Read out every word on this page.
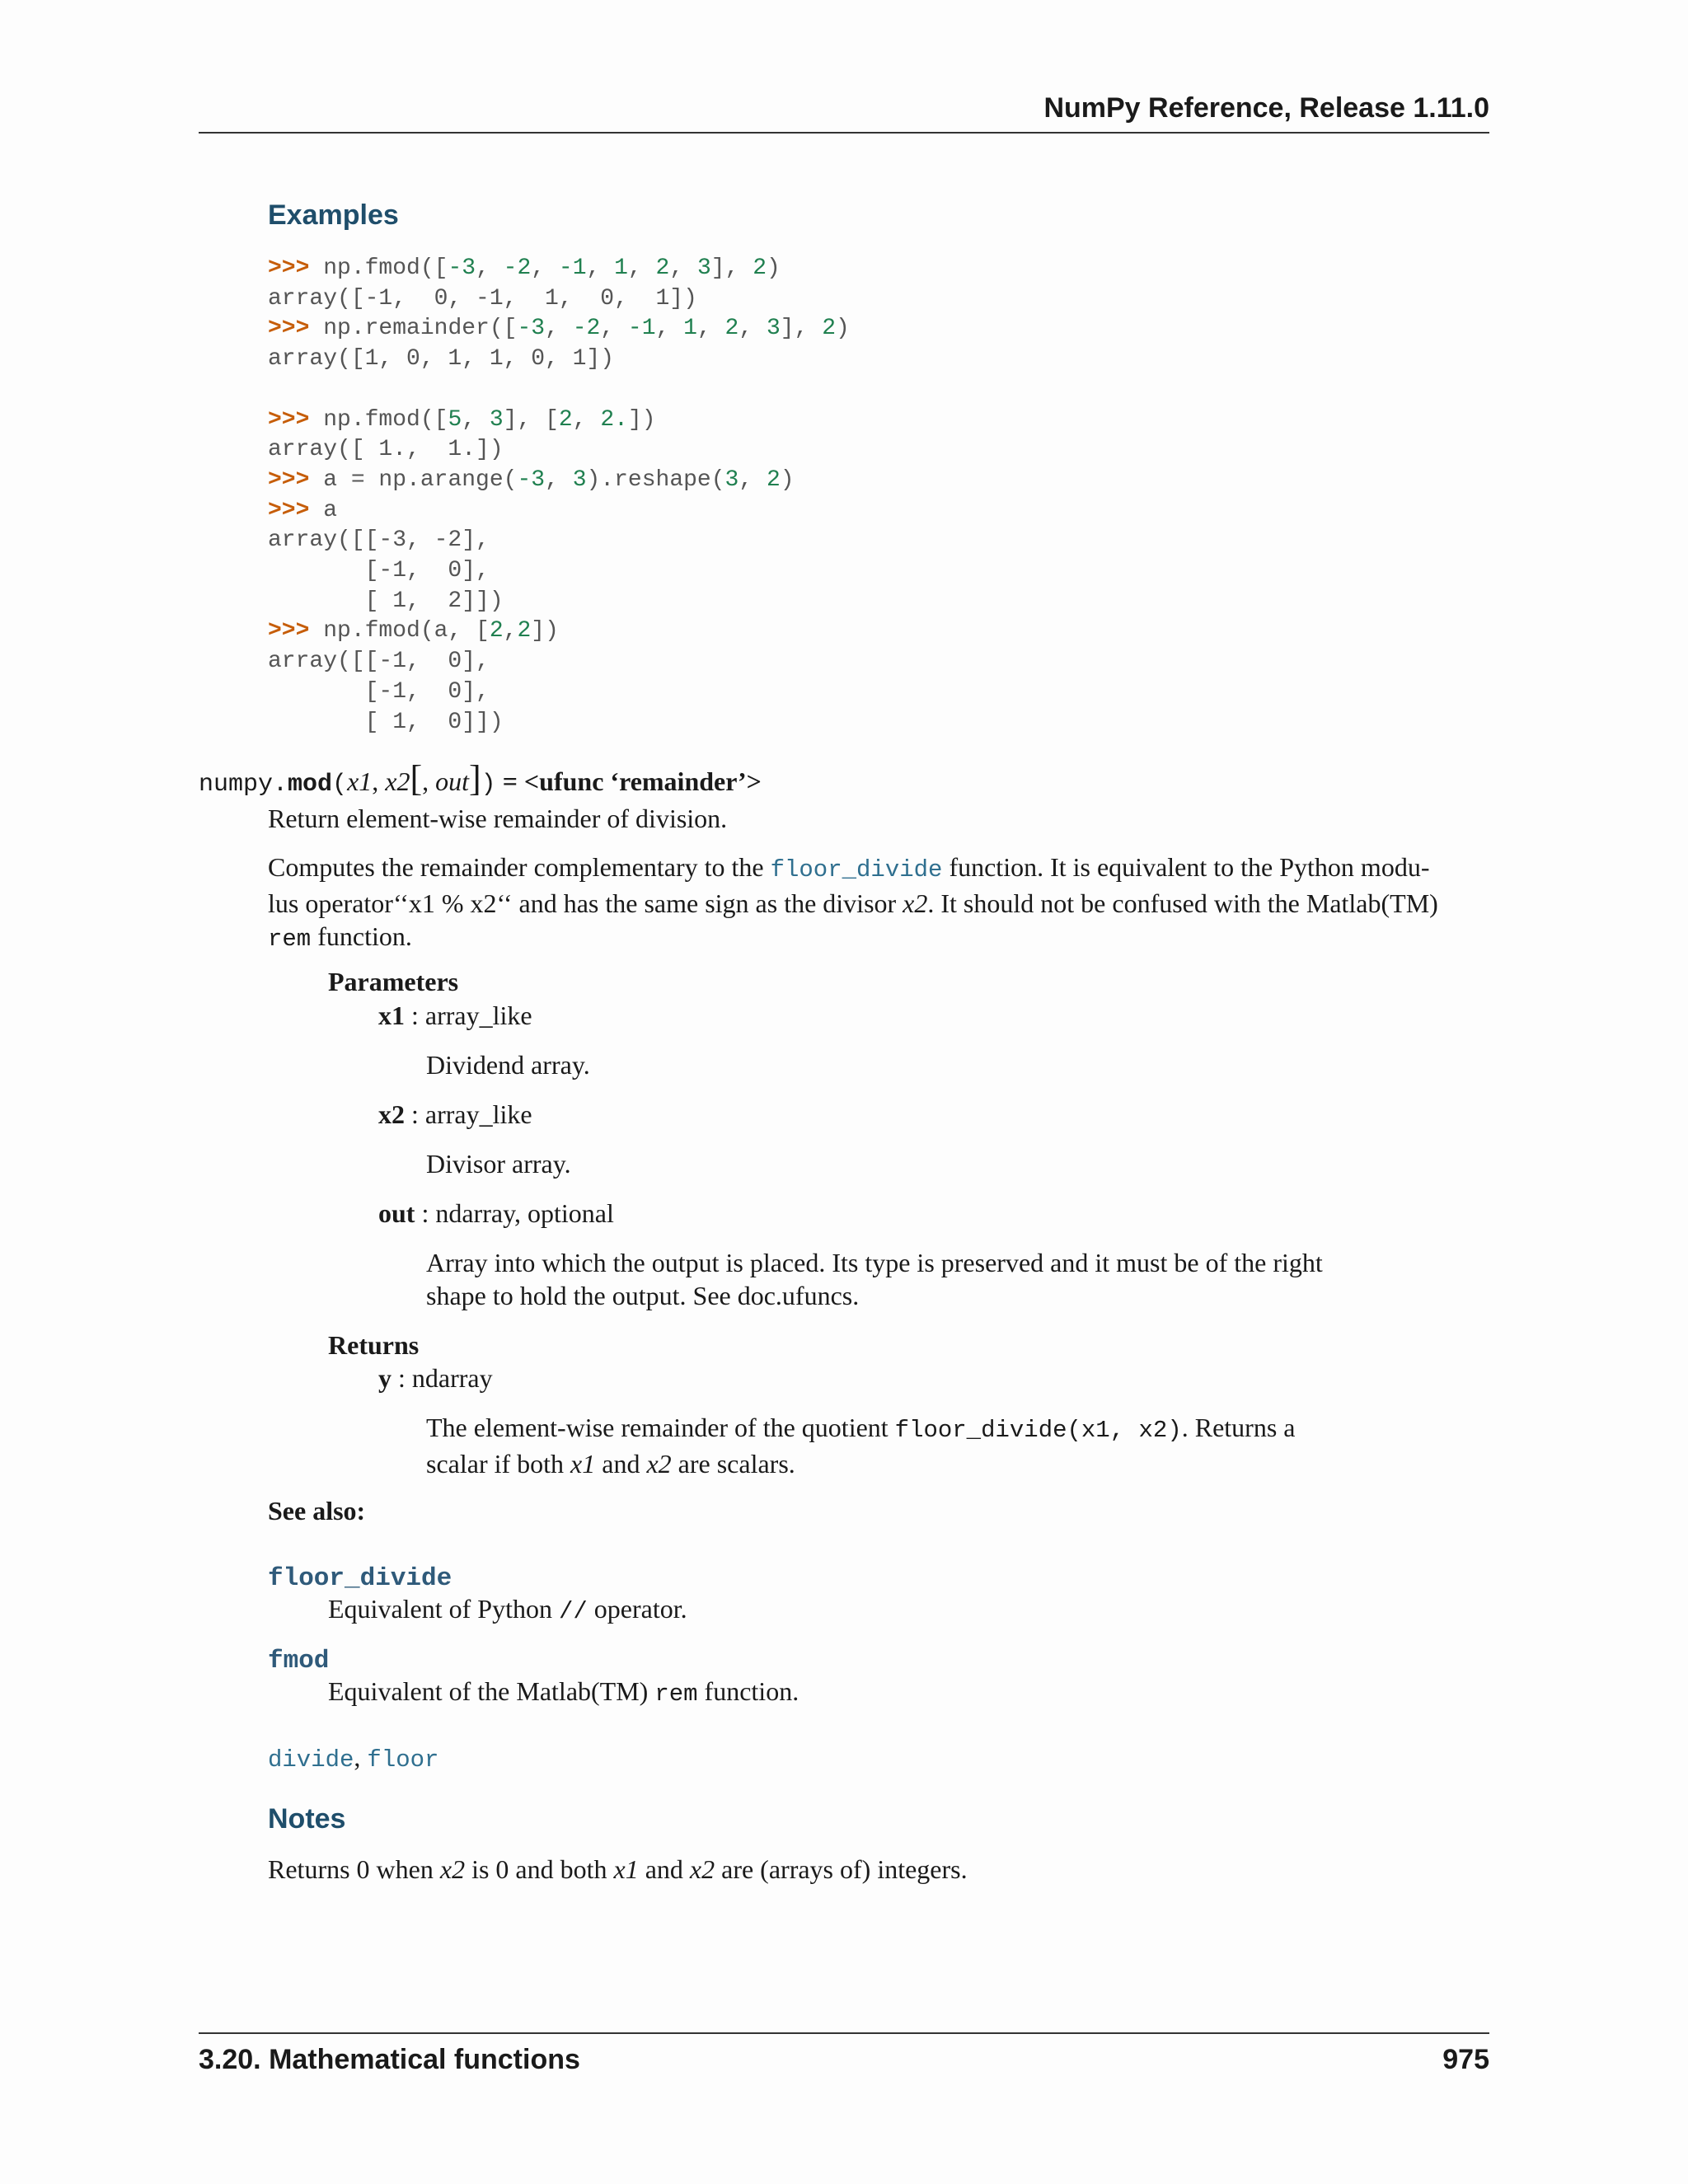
NumPy Reference, Release 1.11.0
Examples
>>> np.fmod([-3, -2, -1, 1, 2, 3], 2)
array([-1,  0, -1,  1,  0,  1])
>>> np.remainder([-3, -2, -1, 1, 2, 3], 2)
array([1, 0, 1, 1, 0, 1])

>>> np.fmod([5, 3], [2, 2.])
array([ 1.,  1.])
>>> a = np.arange(-3, 3).reshape(3, 2)
>>> a
array([[-3, -2],
[-1,  0],
[ 1,  2]])
>>> np.fmod(a, [2,2])
array([[-1,  0],
[-1,  0],
[ 1,  0]])
numpy.mod(x1, x2[, out]) = <ufunc ‘remainder’>

Return element-wise remainder of division.

Computes the remainder complementary to the floor_divide function. It is equivalent to the Python modu-
lus operator‘‘x1 % x2‘‘ and has the same sign as the divisor x2. It should not be confused with the Matlab(TM)
rem function.

Parameters

x1 : array_like

Dividend array.

x2 : array_like

Divisor array.

out : ndarray, optional

Array into which the output is placed. Its type is preserved and it must be of the right
shape to hold the output. See doc.ufuncs.

Returns

y : ndarray

The element-wise remainder of the quotient floor_divide(x1, x2). Returns a
scalar if both x1 and x2 are scalars.

See also:

floor_divide

Equivalent of Python // operator.

fmod

Equivalent of the Matlab(TM) rem function.

divide, floor

Notes

Returns 0 when x2 is 0 and both x1 and x2 are (arrays of) integers.

3.20. Mathematical functions	975
